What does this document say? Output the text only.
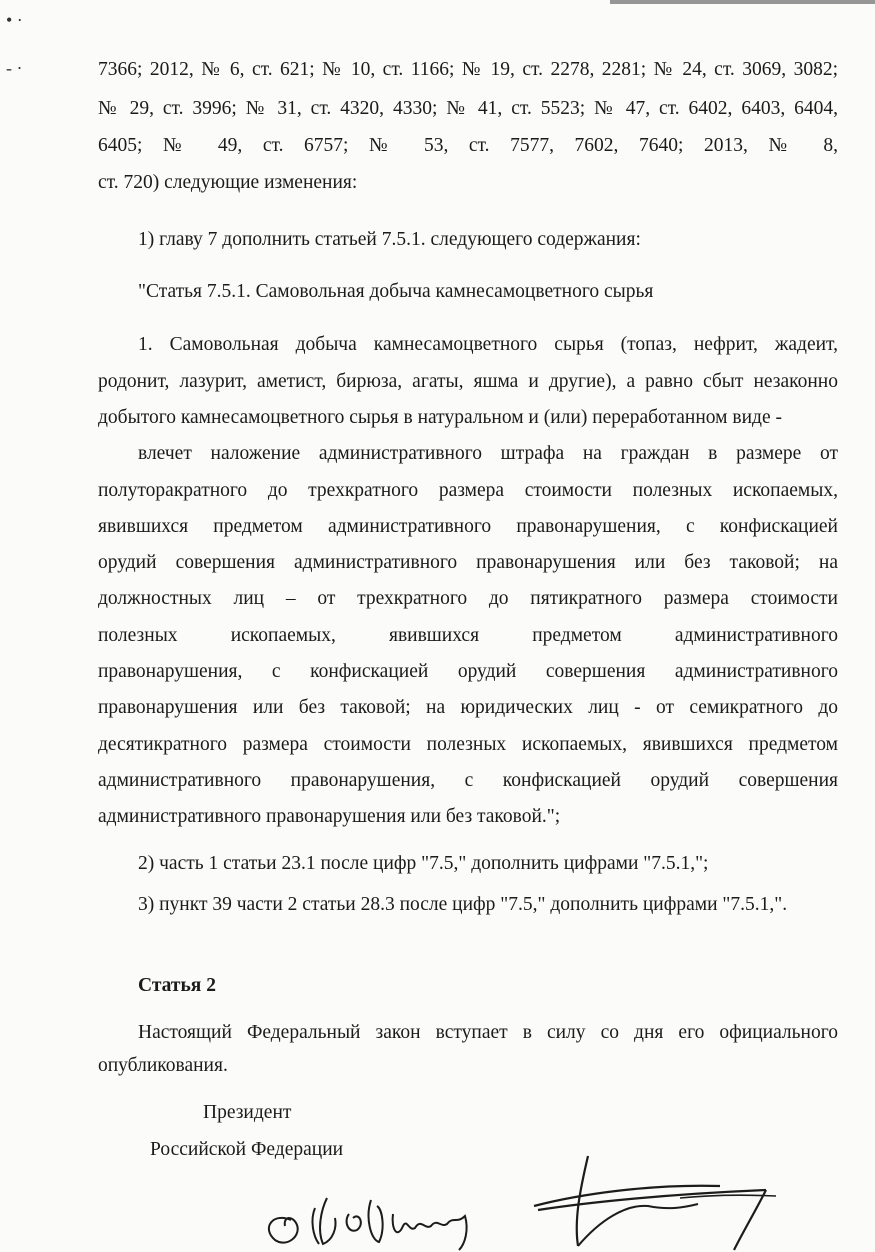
• ·
- ·	7366; 2012, № 6, ст. 621; № 10, ст. 1166; № 19, ст. 2278, 2281; № 24, ст. 3069, 3082;
№ 29, ст. 3996; № 31, ст. 4320, 4330; № 41, ст. 5523; № 47, ст. 6402, 6403, 6404,
6405; № 49, ст. 6757; № 53, ст. 7577, 7602, 7640; 2013, № 8,
ст. 720) следующие изменения:
1) главу 7 дополнить статьей 7.5.1. следующего содержания:
"Статья 7.5.1. Самовольная добыча камнесамоцветного сырья
1. Самовольная добыча камнесамоцветного сырья (топаз, нефрит, жадеит,
родонит, лазурит, аметист, бирюза, агаты, яшма и другие), а равно сбыт незаконно
добытого камнесамоцветного сырья в натуральном и (или) переработанном виде -
влечет наложение административного штрафа на граждан в размере от
полуторакратного до трехкратного размера стоимости полезных ископаемых,
явившихся предметом административного правонарушения, с конфискацией
орудий совершения административного правонарушения или без таковой; на
должностных лиц – от трехкратного до пятикратного размера стоимости
полезных ископаемых, явившихся предметом административного
правонарушения, с конфискацией орудий совершения административного
правонарушения или без таковой; на юридических лиц - от семикратного до
десятикратного размера стоимости полезных ископаемых, явившихся предметом
административного правонарушения, с конфискацией орудий совершения
административного правонарушения или без таковой.";
2) часть 1 статьи 23.1 после цифр "7.5," дополнить цифрами "7.5.1,";
3) пункт 39 части 2 статьи 28.3 после цифр "7.5," дополнить цифрами "7.5.1,".
Статья 2
Настоящий Федеральный закон вступает в силу со дня его официального
опубликования.
Президент
Российской Федерации
